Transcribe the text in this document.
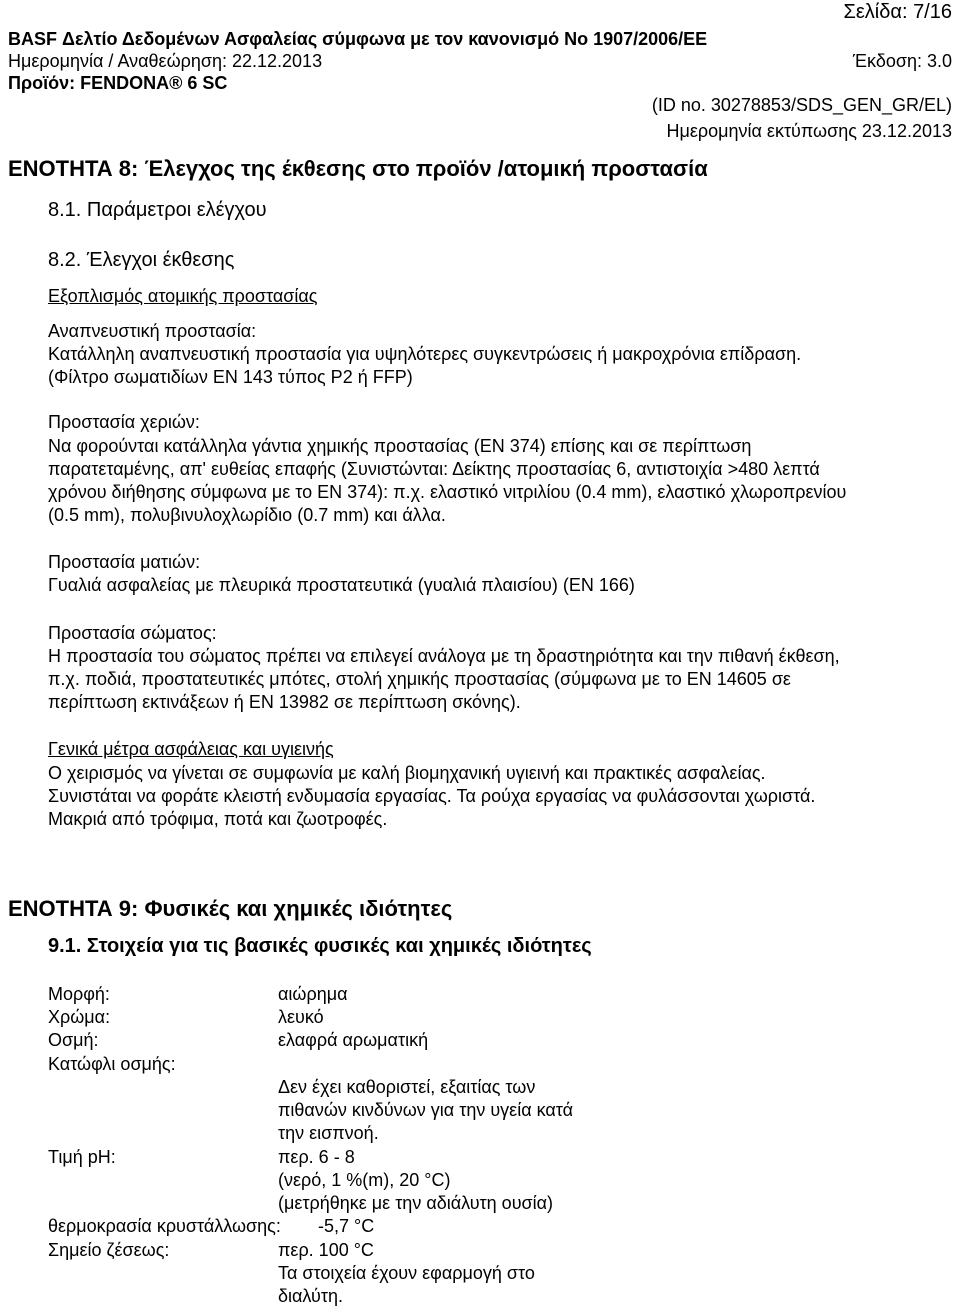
Σελίδα: 7/16
BASF Δελτίο Δεδομένων Ασφαλείας σύμφωνα με τον κανονισμό Νο 1907/2006/ΕΕ
Ημερομηνία / Αναθεώρηση: 22.12.2013	Έκδοση: 3.0
Προϊόν: FENDONA® 6 SC
(ID no. 30278853/SDS_GEN_GR/EL)
Ημερομηνία εκτύπωσης 23.12.2013
ΕΝΟΤΗΤΑ 8: Έλεγχος της έκθεσης στο προϊόν /ατομική προστασία
8.1. Παράμετροι ελέγχου
8.2. Έλεγχοι έκθεσης
Εξοπλισμός ατομικής προστασίας
Αναπνευστική προστασία:
Κατάλληλη αναπνευστική προστασία για υψηλότερες συγκεντρώσεις ή μακροχρόνια επίδραση.
(Φίλτρο σωματιδίων EN 143 τύπος P2 ή FFP)
Προστασία χεριών:
Να φορούνται κατάλληλα γάντια χημικής προστασίας (EN 374) επίσης και σε περίπτωση
παρατεταμένης, απ' ευθείας επαφής (Συνιστώνται: Δείκτης προστασίας 6, αντιστοιχία >480 λεπτά
χρόνου διήθησης σύμφωνα με το EN 374): π.χ. ελαστικό νιτριλίου (0.4 mm), ελαστικό χλωροπρενίου
(0.5 mm), πολυβινυλοχλωρίδιο (0.7 mm) και άλλα.
Προστασία ματιών:
Γυαλιά ασφαλείας με πλευρικά προστατευτικά (γυαλιά πλαισίου) (EN 166)
Προστασία σώματος:
Η προστασία του σώματος πρέπει να επιλεγεί ανάλογα με τη δραστηριότητα και την πιθανή έκθεση,
π.χ. ποδιά, προστατευτικές μπότες, στολή χημικής προστασίας (σύμφωνα με το EN 14605 σε
περίπτωση εκτινάξεων ή EN 13982 σε περίπτωση σκόνης).
Γενικά μέτρα ασφάλειας και υγιεινής
Ο χειρισμός να γίνεται σε συμφωνία με καλή βιομηχανική υγιεινή και πρακτικές ασφαλείας.
Συνιστάται να φοράτε κλειστή ενδυμασία εργασίας. Τα ρούχα εργασίας να φυλάσσονται χωριστά.
Μακριά από τρόφιμα, ποτά και ζωοτροφές.
ΕΝΟΤΗΤΑ 9: Φυσικές και χημικές ιδιότητες
9.1. Στοιχεία για τις βασικές φυσικές και χημικές ιδιότητες
Μορφή:	αιώρημα
Χρώμα:	λευκό
Οσμή:	ελαφρά αρωματική
Κατώφλι οσμής:
Δεν έχει καθοριστεί, εξαιτίας των
πιθανών κινδύνων για την υγεία κατά
την εισπνοή.
Τιμή pH:	περ. 6 - 8
(νερό, 1 %(m), 20 °C)
(μετρήθηκε με την αδιάλυτη ουσία)
θερμοκρασία κρυστάλλωσης: -5,7 °C
Σημείο ζέσεως:	περ. 100 °C
Τα στοιχεία έχουν εφαρμογή στο
διαλύτη.
